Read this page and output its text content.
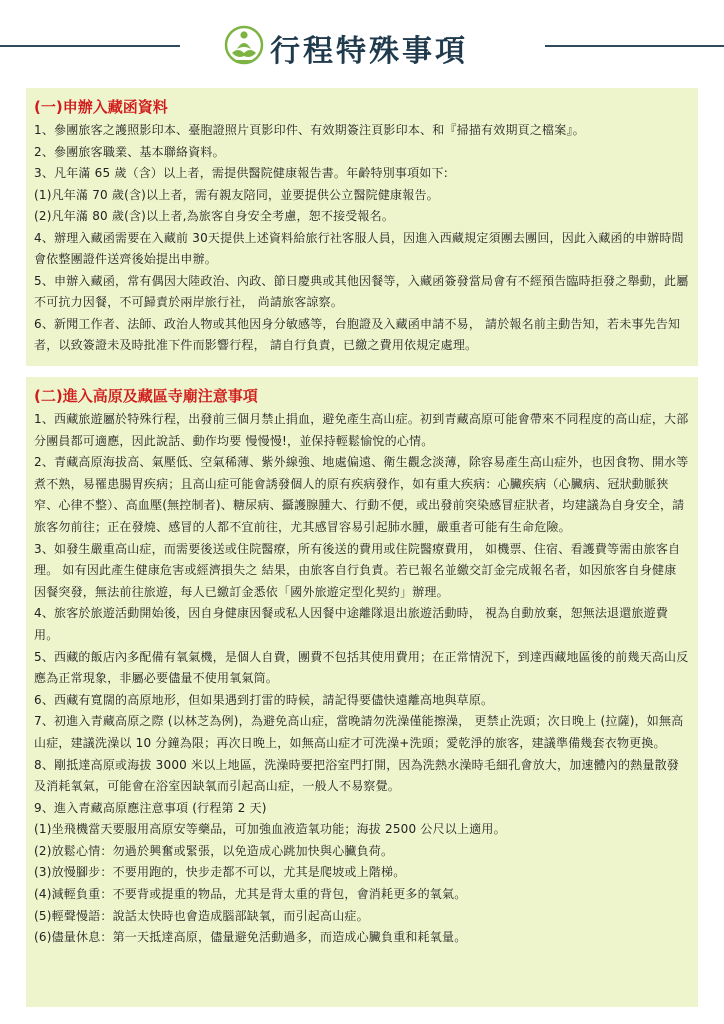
行程特殊事項
(一)申辦入藏函資料

1、參團旅客之護照影印本、臺胞證照片頁影印件、有效期簽注頁影印本、和『掃描有效期頁之檔案』。

2、參團旅客職業、基本聯絡資料。

3、凡年滿 65 歲（含）以上者，需提供醫院健康報告書。年齡特別事項如下:

(1)凡年滿 70 歲(含)以上者，需有親友陪同，並要提供公立醫院健康報告。

(2)凡年滿 80 歲(含)以上者,為旅客自身安全考慮，恕不接受報名。

4、辦理入藏函需要在入藏前 30天提供上述資料給旅行社客服人員，因進入西藏規定須團去團回，因此入藏函的申辦時間會依整團證件送齊後始提出申辦。

5、申辦入藏函，常有偶因大陸政治、內政、節日慶典或其他因餐等，入藏函簽發當局會有不經預告臨時拒發之舉動，此屬不可抗力因餐，不可歸責於兩岸旅行社， 尚請旅客諒察。

6、新聞工作者、法師、政治人物或其他因身分敏感等，台胞證及入藏函申請不易， 請於報名前主動告知，若未事先告知者，以致簽證未及時批准下件而影響行程， 請自行負責，已繳之費用依規定處理。

(二)進入高原及藏區寺廟注意事項

1、西藏旅遊屬於特殊行程，出發前三個月禁止捐血，避免產生高山症。初到青藏高原可能會帶來不同程度的高山症，大部分團員都可適應，因此說話、動作均要 慢慢慢!，並保持輕鬆愉悅的心情。

2、青藏高原海拔高、氣壓低、空氣稀薄、紫外線強、地處偏遠、衛生觀念淡薄，除容易產生高山症外，也因食物、開水等煮不熟，易罹患腸胃疾病；且高山症可能會誘發個人的原有疾病發作，如有重大疾病：心臟疾病（心臟病、冠狀動脈狹窄、心律不整）、高血壓(無控制者)、糖尿病、攝護腺腫大、行動不便，或出發前突染感冒症狀者，均建議為自身安全，請旅客勿前往；正在發燒、感冒的人都不宜前往，尤其感冒容易引起肺水腫，嚴重者可能有生命危險。

3、如發生嚴重高山症，而需要後送或住院醫療，所有後送的費用或住院醫療費用， 如機票、住宿、看護費等需由旅客自理。 如有因此產生健康危害或經濟損失之 結果，由旅客自行負責。若已報名並繳交訂金完成報名者，如因旅客自身健康 因餐突發，無法前往旅遊，每人已繳訂金悉依「國外旅遊定型化契約」辦理。

4、旅客於旅遊活動開始後，因自身健康因餐或私人因餐中途離隊退出旅遊活動時， 視為自動放棄，恕無法退還旅遊費用。

5、西藏的飯店內多配備有氧氣機，是個人自費，團費不包括其使用費用；在正常情況下，到達西藏地區後的前幾天高山反應為正常現象，非屬必要儘量不使用氧氣筒。

6、西藏有寬闊的高原地形，但如果遇到打雷的時候，請記得要儘快遠離高地與草原。

7、初進入青藏高原之際 (以林芝為例)，為避免高山症，當晚請勿洗澡僅能擦澡， 更禁止洗頭；次日晚上 (拉薩)，如無高山症，建議洗澡以 10 分鐘為限；再次日晚上，如無高山症才可洗澡+洗頭；愛乾淨的旅客，建議準備幾套衣物更換。

8、剛抵達高原或海拔 3000 米以上地區，洗澡時要把浴室門打開，因為洗熱水澡時毛細孔會放大，加速體內的熱量散發及消耗氧氣，可能會在浴室因缺氧而引起高山症，一般人不易察覺。

9、進入青藏高原應注意事項 (行程第 2 天)

(1)坐飛機當天要服用高原安等藥品，可加強血液造氧功能；海拔 2500 公尺以上適用。

(2)放鬆心情：勿過於興奮或緊張，以免造成心跳加快與心臟負荷。

(3)放慢腳步：不要用跑的，快步走都不可以，尤其是爬坡或上階梯。

(4)減輕負重：不要背或提重的物品，尤其是背太重的背包，會消耗更多的氧氣。

(5)輕聲慢語：說話太快時也會造成腦部缺氧，而引起高山症。

(6)儘量休息：第一天抵達高原，儘量避免活動過多，而造成心臟負重和耗氧量。
